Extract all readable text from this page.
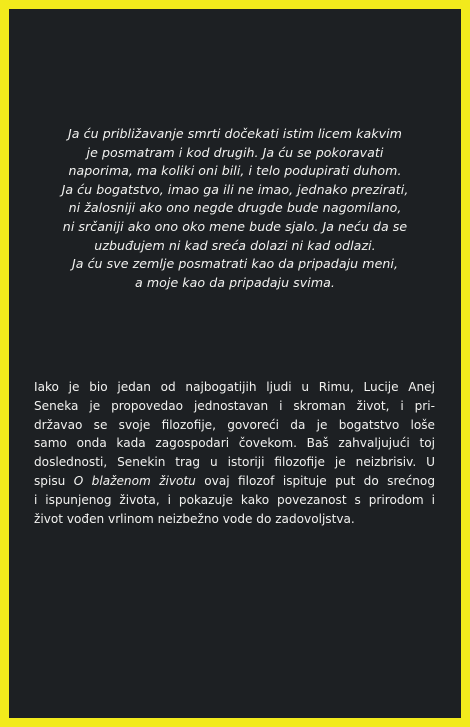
Ja ću približavanje smrti dočekati istim licem kakvim
je posmatram i kod drugih. Ja ću se pokoravati
naporima, ma koliki oni bili, i telo podupirati duhom.
Ja ću bogatstvo, imao ga ili ne imao, jednako prezirati,
ni žalosniji ako ono negde drugde bude nagomilano,
ni srčaniji ako ono oko mene bude sjalo. Ja neću da se
uzbuđujem ni kad sreća dolazi ni kad odlazi.
Ja ću sve zemlje posmatrati kao da pripadaju meni,
a moje kao da pripadaju svima.
Iako je bio jedan od najbogatijih ljudi u Rimu, Lucije Anej
Seneka je propovedao jednostavan i skroman život, i pri-
državao se svoje filozofije, govoreći da je bogatstvo loše
samo onda kada zagospodari čovekom. Baš zahvaljujući toj
doslednosti, Senekin trag u istoriji filozofije je neizbrisiv. U
spisu O blaženom životu ovaj filozof ispituje put do srećnog
i ispunjenog života, i pokazuje kako povezanost s prirodom i
život vođen vrlinom neizbežno vode do zadovoljstva.
